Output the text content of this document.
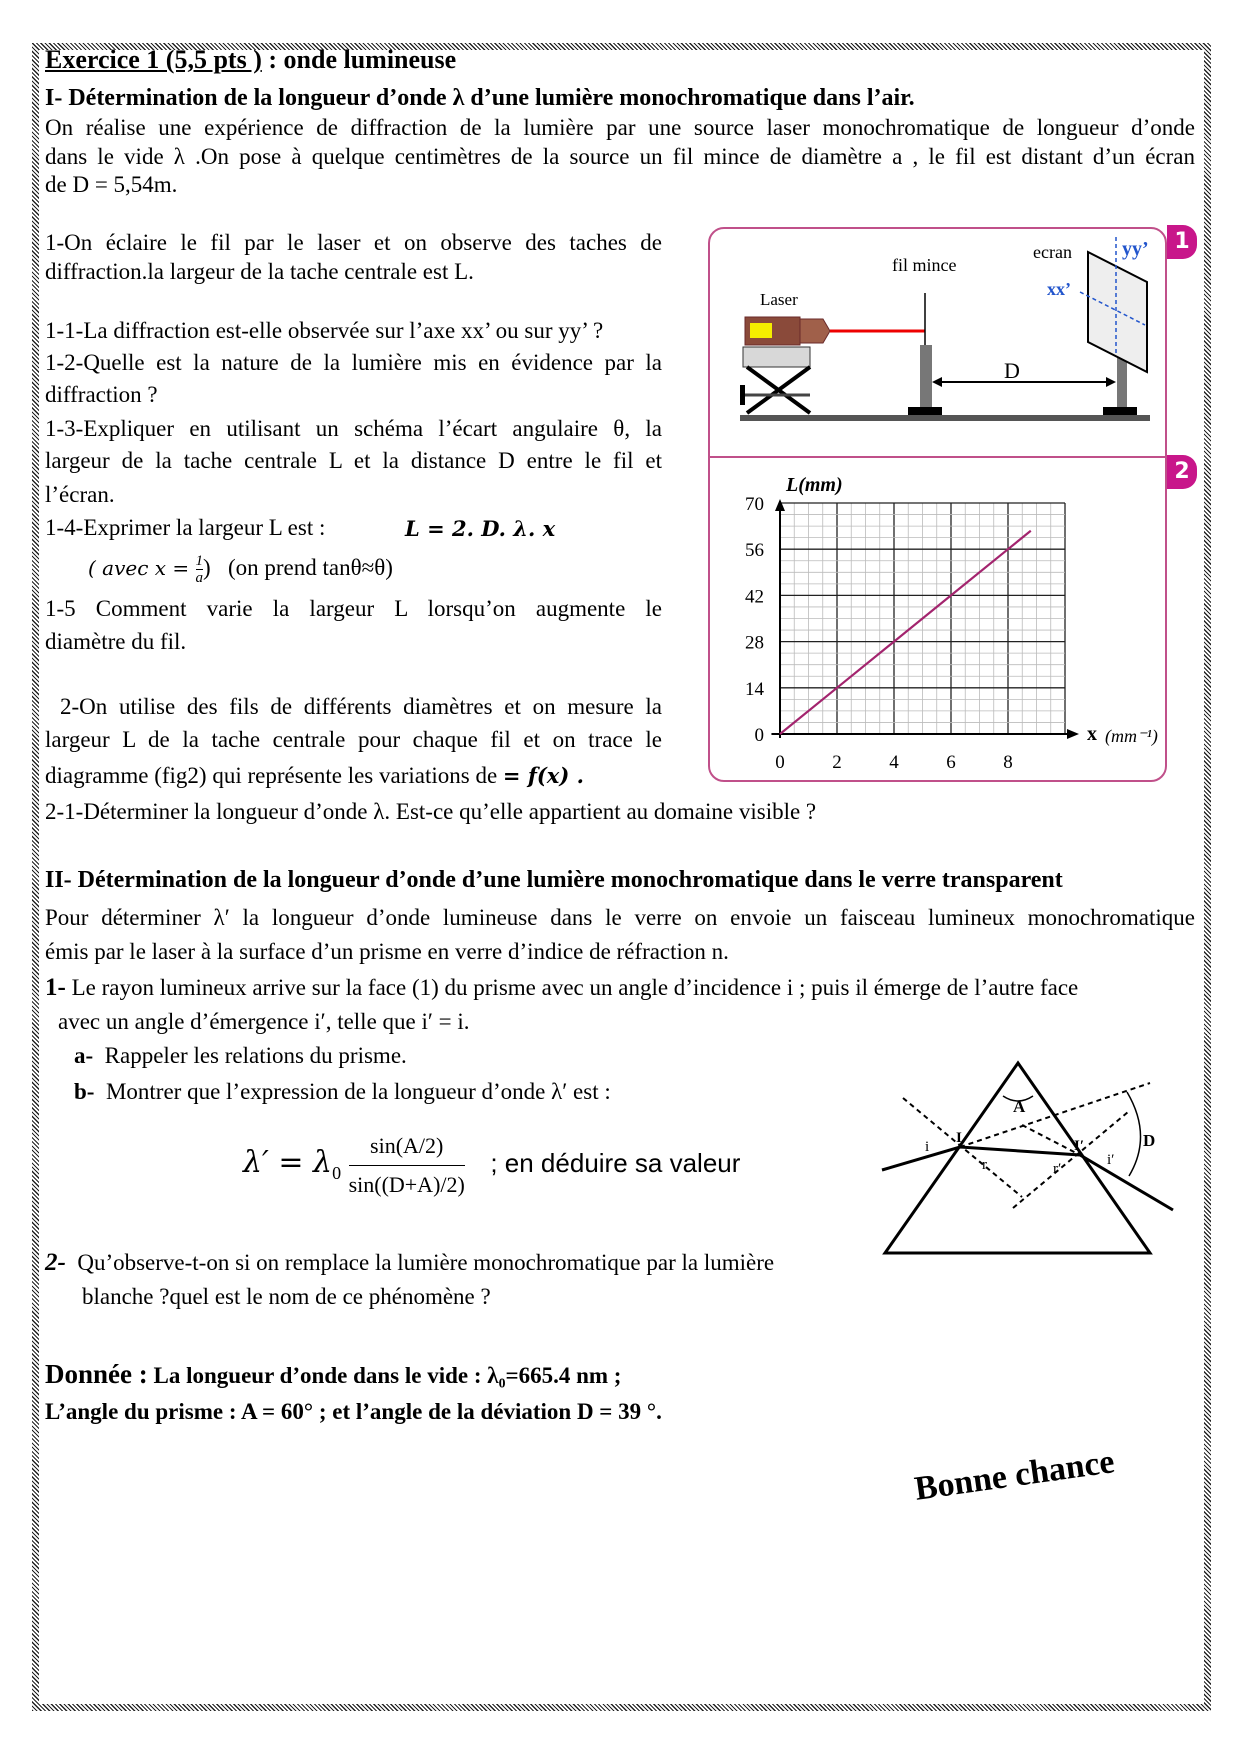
Exercice 1 (5,5 pts ) : onde lumineuse
I- Détermination de la longueur d’onde λ d’une lumière monochromatique dans l’air.
On réalise une expérience de diffraction de la lumière par une source laser monochromatique de longueur d’onde
dans le vide λ .On pose à quelque centimètres de la source un fil mince de diamètre a , le fil est distant d’un écran
de D = 5,54m.
1-On éclaire le fil par le laser et on observe des taches de
diffraction.la largeur de la tache centrale est L.
1-1-La diffraction est-elle observée sur l’axe xx’ ou sur yy’ ?
1-2-Quelle est la nature de la lumière mis en évidence par la
diffraction ?
1-3-Expliquer en utilisant un schéma l’écart angulaire θ, la
largeur de la tache centrale L et la distance D entre le fil et
l’écran.
1-4-Exprimer la largeur L est :	L = 2. D. λ. x
( avec $x = \frac{1}{a}$ )   (on prend tanθ≈θ)
1-5 Comment varie la largeur L lorsqu’on augmente le
diamètre du fil.
2-On utilise des fils de différents diamètres et on mesure la
largeur L de la tache centrale pour chaque fil et on trace le
diagramme (fig2) qui représente les variations de = f(x) .
2-1-Déterminer la longueur d’onde λ. Est-ce qu’elle appartient au domaine visible ?
1
2
Laser
fil mince
ecran	yy’
xx’
D
0	2	4	6	8
0
14
28
42
56
70
L(mm)
x (mm⁻¹)
II- Détermination de la longueur d’onde d’une lumière monochromatique dans le verre transparent
Pour déterminer λ′ la longueur d’onde lumineuse dans le verre on envoie un faisceau lumineux monochromatique
émis par le laser à la surface d’un prisme en verre d’indice de réfraction n.
1- Le rayon lumineux arrive sur la face (1) du prisme avec un angle d’incidence i ; puis il émerge de l’autre face
avec un angle d’émergence i′, telle que i′ = i.
a- Rappeler les relations du prisme.
b- Montrer que l’expression de la longueur d’onde λ′ est :
$\lambda' = \lambda_0 \frac{\sin(A/2)}{\sin((D+A)/2)}$ ; en déduire sa valeur
A
D
I	I′
i
r	r′
i′
2- Qu’observe-t-on si on remplace la lumière monochromatique par la lumière
blanche ?quel est le nom de ce phénomène ?
Donnée : La longueur d’onde dans le vide : λ₀=665.4 nm ;
L’angle du prisme : A = 60° ; et l’angle de la déviation D = 39 °.
Bonne chance
